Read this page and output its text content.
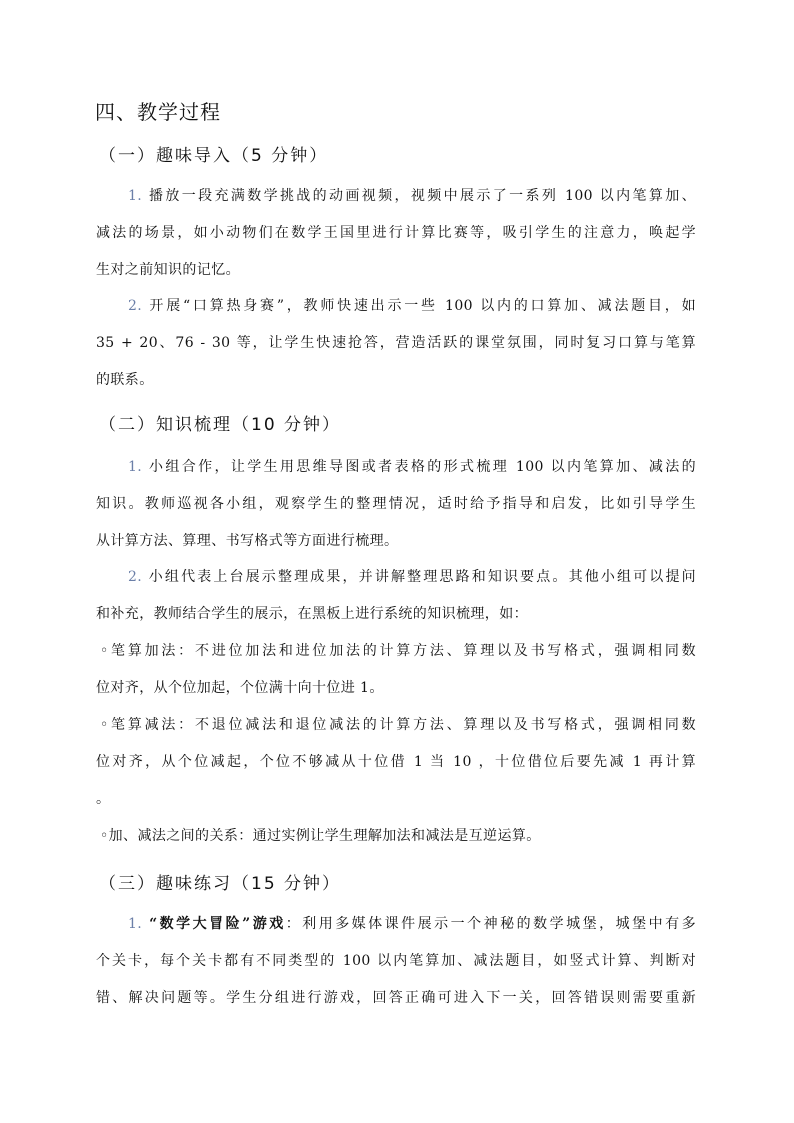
四、教学过程
（一）趣味导入（5 分钟）
1. 播放一段充满数学挑战的动画视频，视频中展示了一系列 100 以内笔算加、
减法的场景，如小动物们在数学王国里进行计算比赛等，吸引学生的注意力，唤起学
生对之前知识的记忆。
2. 开展“口算热身赛”，教师快速出示一些 100 以内的口算加、减法题目，如
35 + 20、76 - 30 等，让学生快速抢答，营造活跃的课堂氛围，同时复习口算与笔算
的联系。
（二）知识梳理（10 分钟）
1. 小组合作，让学生用思维导图或者表格的形式梳理 100 以内笔算加、减法的
知识。教师巡视各小组，观察学生的整理情况，适时给予指导和启发，比如引导学生
从计算方法、算理、书写格式等方面进行梳理。
2. 小组代表上台展示整理成果，并讲解整理思路和知识要点。其他小组可以提问
和补充，教师结合学生的展示，在黑板上进行系统的知识梳理，如：
◦笔算加法：不进位加法和进位加法的计算方法、算理以及书写格式，强调相同数
位对齐，从个位加起，个位满十向十位进 1。
◦笔算减法：不退位减法和退位减法的计算方法、算理以及书写格式，强调相同数
位对齐，从个位减起，个位不够减从十位借 1 当 10 ，十位借位后要先减 1 再计算
。
◦加、减法之间的关系：通过实例让学生理解加法和减法是互逆运算。
（三）趣味练习（15 分钟）
1. “数学大冒险”游戏：利用多媒体课件展示一个神秘的数学城堡，城堡中有多
个关卡，每个关卡都有不同类型的 100 以内笔算加、减法题目，如竖式计算、判断对
错、解决问题等。学生分组进行游戏，回答正确可进入下一关，回答错误则需要重新
